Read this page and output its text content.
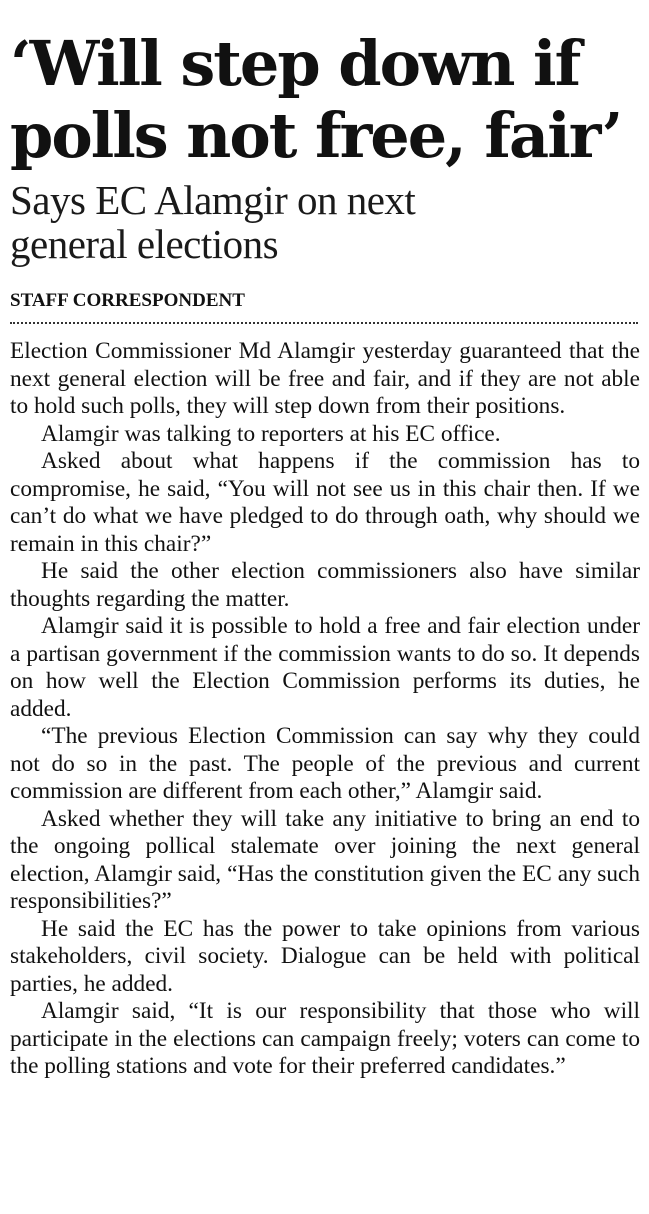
‘Will step down if
polls not free, fair’
Says EC Alamgir on next
general elections
STAFF CORRESPONDENT

Election Commissioner Md Alamgir yesterday guaranteed that the next general election will be free and fair, and if they are not able to hold such polls, they will step down from their positions.

Alamgir was talking to reporters at his EC office.

Asked about what happens if the commission has to compromise, he said, “You will not see us in this chair then. If we can’t do what we have pledged to do through oath, why should we remain in this chair?”

He said the other election commissioners also have similar thoughts regarding the matter.

Alamgir said it is possible to hold a free and fair election under a partisan government if the commission wants to do so. It depends on how well the Election Commission performs its duties, he added.

“The previous Election Commission can say why they could not do so in the past. The people of the previous and current commission are different from each other,” Alamgir said.

Asked whether they will take any initiative to bring an end to the ongoing pollical stalemate over joining the next general election, Alamgir said, “Has the constitution given the EC any such responsibilities?”

He said the EC has the power to take opinions from various stakeholders, civil society. Dialogue can be held with political parties, he added.

Alamgir said, “It is our responsibility that those who will participate in the elections can campaign freely; voters can come to the polling stations and vote for their preferred candidates.”
